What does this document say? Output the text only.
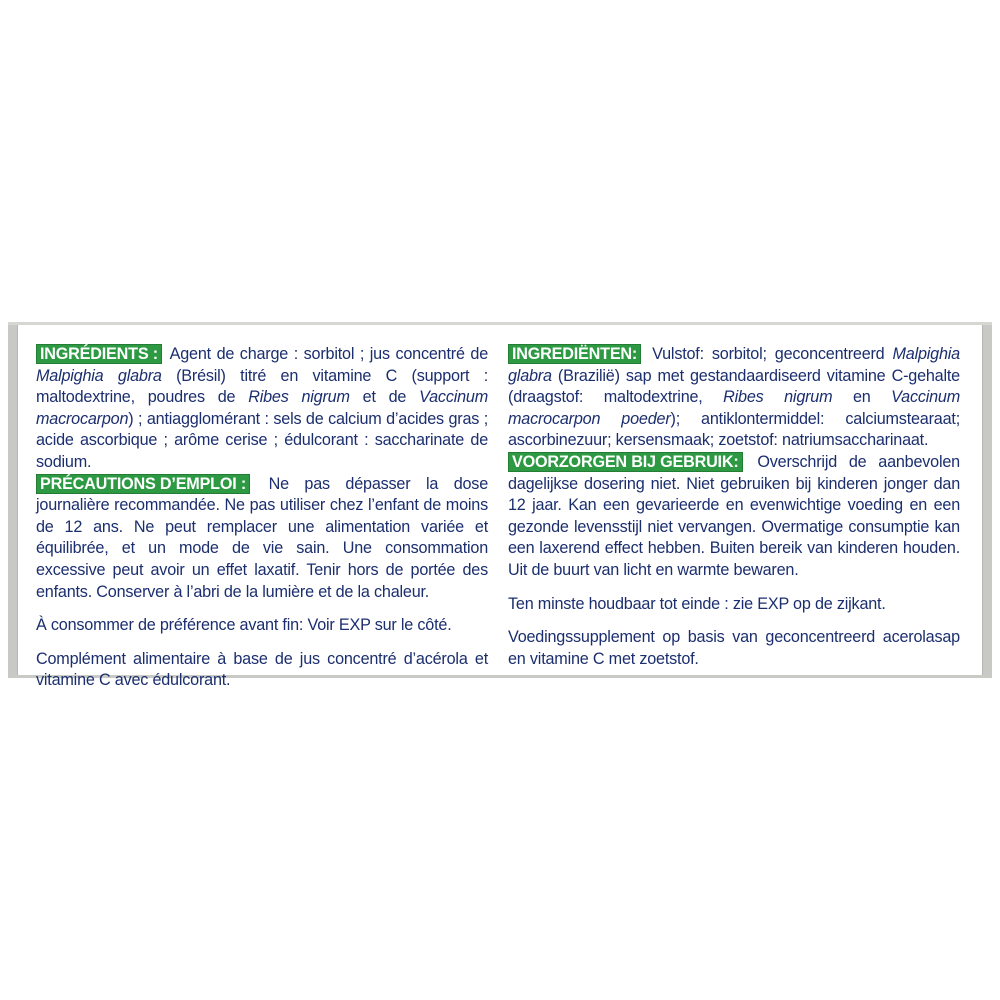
INGRÉDIENTS : Agent de charge : sorbitol ; jus concentré de Malpighia glabra (Brésil) titré en vitamine C (support : maltodextrine, poudres de Ribes nigrum et de Vaccinum macrocarpon) ; antiagglomérant : sels de calcium d’acides gras ; acide ascorbique ; arôme cerise ; édulcorant : saccharinate de sodium.

PRÉCAUTIONS D’EMPLOI : Ne pas dépasser la dose journalière recommandée. Ne pas utiliser chez l’enfant de moins de 12 ans. Ne peut remplacer une alimentation variée et équilibrée, et un mode de vie sain. Une consommation excessive peut avoir un effet laxatif. Tenir hors de portée des enfants. Conserver à l’abri de la lumière et de la chaleur.

À consommer de préférence avant fin: Voir EXP sur le côté.

Complément alimentaire à base de jus concentré d’acérola et vitamine C avec édulcorant.

INGREDIËNTEN: Vulstof: sorbitol; geconcentreerd Malpighia glabra (Brazilië) sap met gestandaardiseerd vitamine C-gehalte (draagstof: maltodextrine, Ribes nigrum en Vaccinum macrocarpon poeder); antiklontermiddel: calciumstearaat; ascorbinezuur; kersensmaak; zoetstof: natriumsaccharinaat.

VOORZORGEN BIJ GEBRUIK: Overschrijd de aanbevolen dagelijkse dosering niet. Niet gebruiken bij kinderen jonger dan 12 jaar. Kan een gevarieerde en evenwichtige voeding en een gezonde levensstijl niet vervangen. Overmatige consumptie kan een laxerend effect hebben. Buiten bereik van kinderen houden. Uit de buurt van licht en warmte bewaren.

Ten minste houdbaar tot einde : zie EXP op de zijkant.

Voedingssupplement op basis van geconcentreerd acerolasap en vitamine C met zoetstof.
